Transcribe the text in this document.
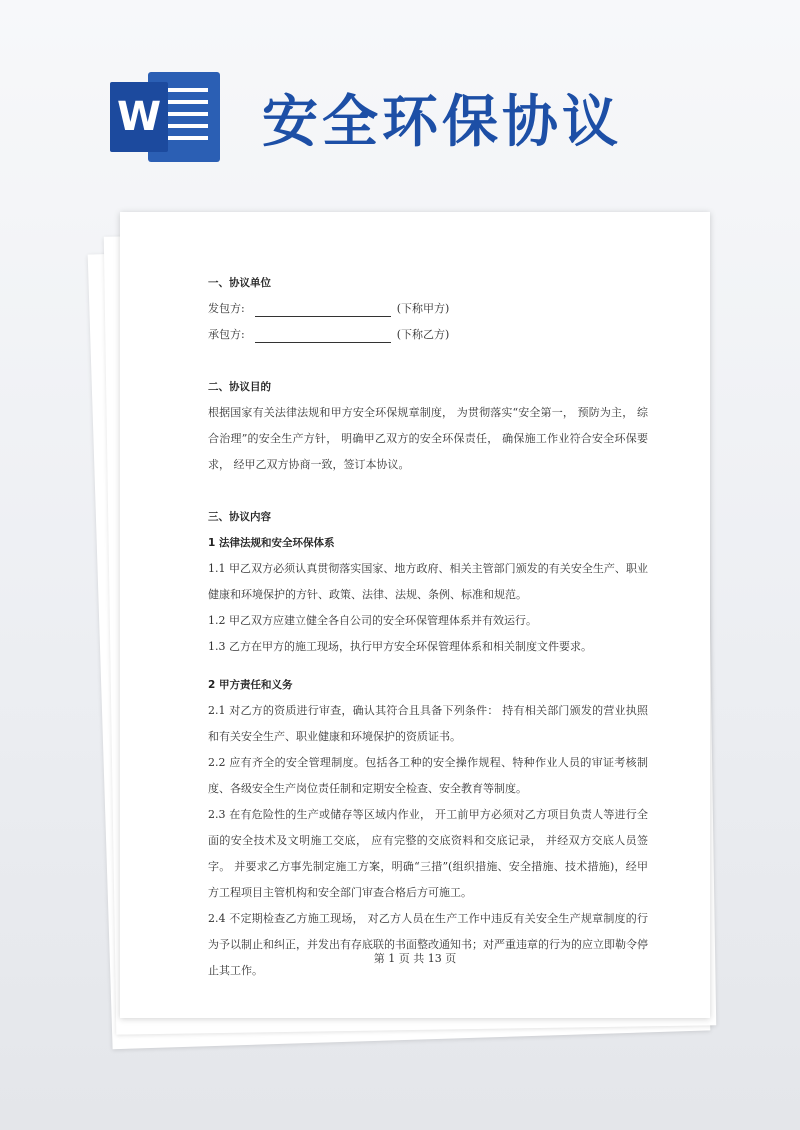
W 安全环保协议
一、协议单位
发包方:	(下称甲方)
承包方:	(下称乙方)
二、协议目的

根据国家有关法律法规和甲方安全环保规章制度， 为贯彻落实“安全第一， 预防为主， 综合治理”的安全生产方针， 明确甲乙双方的安全环保责任， 确保施工作业符合安全环保要求， 经甲乙双方协商一致，签订本协议。

三、协议内容
1 法律法规和安全环保体系

1.1 甲乙双方必须认真贯彻落实国家、地方政府、相关主管部门颁发的有关安全生产、职业健康和环境保护的方针、政策、法律、法规、条例、标准和规范。

1.2 甲乙双方应建立健全各自公司的安全环保管理体系并有效运行。

1.3 乙方在甲方的施工现场，执行甲方安全环保管理体系和相关制度文件要求。

2 甲方责任和义务

2.1 对乙方的资质进行审查，确认其符合且具备下列条件： 持有相关部门颁发的营业执照和有关安全生产、职业健康和环境保护的资质证书。

2.2 应有齐全的安全管理制度。包括各工种的安全操作规程、特种作业人员的审证考核制度、各级安全生产岗位责任制和定期安全检查、安全教育等制度。

2.3 在有危险性的生产或储存等区域内作业， 开工前甲方必须对乙方项目负责人等进行全面的安全技术及文明施工交底， 应有完整的交底资料和交底记录， 并经双方交底人员签字。 并要求乙方事先制定施工方案，明确“三措”(组织措施、安全措施、技术措施)，经甲方工程项目主管机构和安全部门审查合格后方可施工。

2.4 不定期检查乙方施工现场， 对乙方人员在生产工作中违反有关安全生产规章制度的行为予以制止和纠正，并发出有存底联的书面整改通知书；对严重违章的行为的应立即勒令停止其工作。

第 1 页 共 13 页
